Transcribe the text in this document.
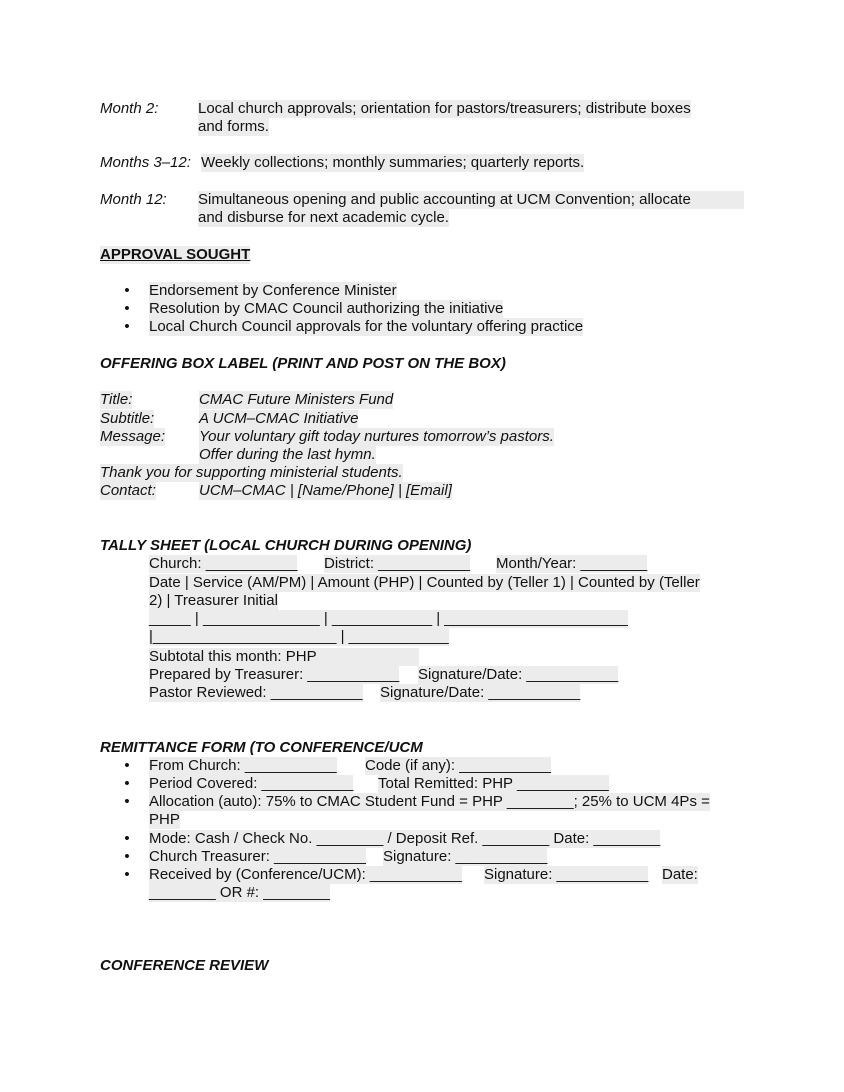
Month 2:	Local church approvals; orientation for pastors/treasurers; distribute boxes
and forms.
Months 3–12: Weekly collections; monthly summaries; quarterly reports.
Month 12: Simultaneous opening and public accounting at UCM Convention; allocate
and disburse for next academic cycle.
APPROVAL SOUGHT
• Endorsement by Conference Minister
• Resolution by CMAC Council authorizing the initiative
• Local Church Council approvals for the voluntary offering practice
OFFERING BOX LABEL (PRINT AND POST ON THE BOX)
Title:	CMAC Future Ministers Fund
Subtitle:	A UCM–CMAC Initiative
Message: Your voluntary gift today nurtures tomorrow’s pastors.
Offer during the last hymn.
Thank you for supporting ministerial students.
Contact:	UCM–CMAC | [Name/Phone] | [Email]
TALLY SHEET (LOCAL CHURCH DURING OPENING)
Church: ___________ District: ___________ Month/Year: ________
Date | Service (AM/PM) | Amount (PHP) | Counted by (Teller 1) | Counted by (Teller
2) | Treasurer Initial
_____ | ______________ | ____________ | ______________________
|______________________ | ____________
Subtotal this month: PHP
Prepared by Treasurer: ___________ Signature/Date: ___________
Pastor Reviewed: ___________ Signature/Date: ___________
REMITTANCE FORM (TO CONFERENCE/UCM
• From Church: ___________ Code (if any): ___________
• Period Covered: ___________ Total Remitted: PHP ___________
• Allocation (auto): 75% to CMAC Student Fund = PHP ________; 25% to UCM 4Ps =
PHP
• Mode: Cash / Check No. ________ / Deposit Ref. ________ Date: ________
• Church Treasurer: ___________ Signature: ___________
• Received by (Conference/UCM): ___________ Signature: ___________ Date:
________ OR #: ________
CONFERENCE REVIEW
